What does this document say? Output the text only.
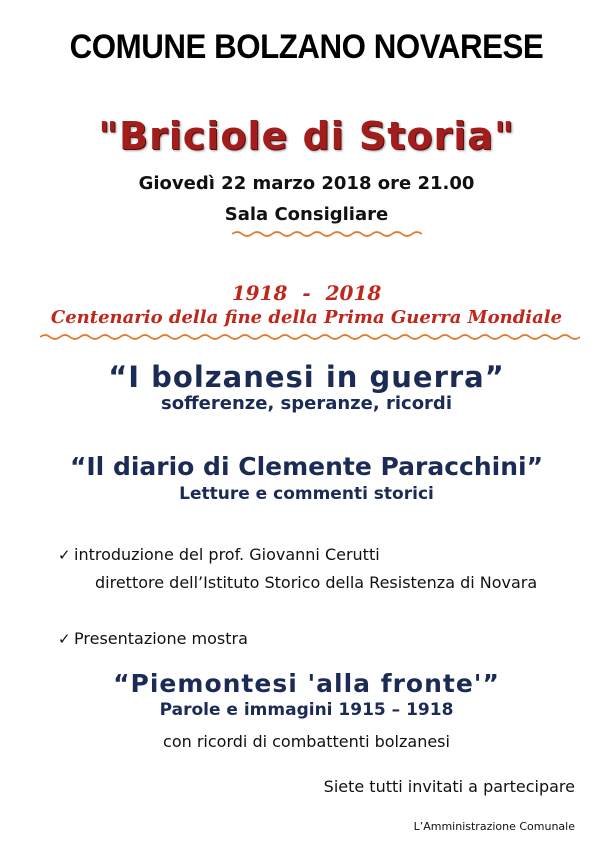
COMUNE BOLZANO NOVARESE
"Briciole di Storia"
Giovedì 22 marzo 2018 ore 21.00
Sala Consigliare
1918 - 2018
Centenario della fine della Prima Guerra Mondiale
“I bolzanesi in guerra”
sofferenze, speranze, ricordi
“Il diario di Clemente Paracchini”
Letture e commenti storici
✓ introduzione del prof. Giovanni Cerutti
direttore dell’Istituto Storico della Resistenza di Novara
✓ Presentazione mostra
“Piemontesi 'alla fronte'”
Parole e immagini 1915 – 1918
con ricordi di combattenti bolzanesi
Siete tutti invitati a partecipare
L’Amministrazione Comunale
